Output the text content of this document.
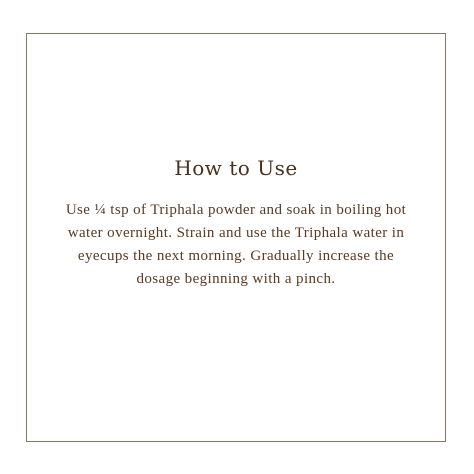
How to Use
Use ¼ tsp of Triphala powder and soak in boiling hot water overnight. Strain and use the Triphala water in eyecups the next morning. Gradually increase the dosage beginning with a pinch.
